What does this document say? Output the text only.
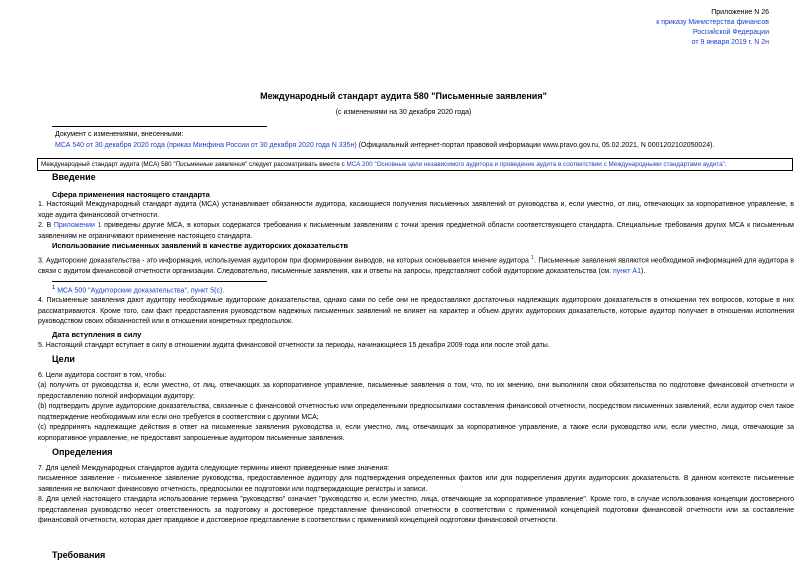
Приложение N 26
к приказу Министерства финансов
Российской Федерации
от 9 января 2019 г. N 2н
Международный стандарт аудита 580 "Письменные заявления"
(с изменениями на 30 декабря 2020 года)
Документ с изменениями, внесенными:
МСА 540 от 30 декабря 2020 года (приказ Минфина России от 30 декабря 2020 года N 335н) (Официальный интернет-портал правовой информации www.pravo.gov.ru, 05.02.2021, N 0001202102050024).
Международный стандарт аудита (МСА) 580 "Письменные заявления" следует рассматривать вместе с МСА 200 "Основные цели независимого аудитора и проведение аудита в соответствии с Международными стандартами аудита".
Введение
Сфера применения настоящего стандарта
1. Настоящий Международный стандарт аудита (МСА) устанавливает обязанности аудитора, касающиеся получения письменных заявлений от руководства и, если уместно, от лиц, отвечающих за корпоративное управление, в ходе аудита финансовой отчетности.
2. В Приложении 1 приведены другие МСА, в которых содержатся требования к письменным заявлениям с точки зрения предметной области соответствующего стандарта. Специальные требования других МСА к письменным заявлениям не ограничивают применение настоящего стандарта.
Использование письменных заявлений в качестве аудиторских доказательств
3. Аудиторские доказательства - это информация, используемая аудитором при формировании выводов, на которых основывается мнение аудитора $^1$. Письменные заявления являются необходимой информацией для аудитора в связи с аудитом финансовой отчетности организации. Следовательно, письменные заявления, как и ответы на запросы, представляют собой аудиторские доказательства (см. пункт А1).
$^1$ МСА 500 "Аудиторские доказательства", пункт 5(с).
4. Письменные заявления дают аудитору необходимые аудиторские доказательства, однако сами по себе они не предоставляют достаточных надлежащих аудиторских доказательств в отношении тех вопросов, которые в них рассматриваются. Кроме того, сам факт предоставления руководством надежных письменных заявлений не влияет на характер и объем других аудиторских доказательств, которые аудитор получает в отношении исполнения руководством своих обязанностей или в отношении конкретных предпосылок.
Дата вступления в силу
5. Настоящий стандарт вступает в силу в отношении аудита финансовой отчетности за периоды, начинающиеся 15 декабря 2009 года или после этой даты.
Цели
6. Цели аудитора состоят в том, чтобы:
(a) получить от руководства и, если уместно, от лиц, отвечающих за корпоративное управление, письменные заявления о том, что, по их мнению, они выполнили свои обязательства по подготовке финансовой отчетности и предоставлению полной информации аудитору;
(b) подтвердить другие аудиторские доказательства, связанные с финансовой отчетностью или определенными предпосылками составления финансовой отчетности, посредством письменных заявлений, если аудитор счел такое подтверждение необходимым или если оно требуется в соответствии с другими МСА;
(c) предпринять надлежащие действия в ответ на письменные заявления руководства и, если уместно, лиц, отвечающих за корпоративное управление, а также если руководство или, если уместно, лица, отвечающие за корпоративное управление, не предоставят запрошенные аудитором письменные заявления.
Определения
7. Для целей Международных стандартов аудита следующие термины имеют приведенные ниже значения:
письменное заявление - письменное заявление руководства, предоставленное аудитору для подтверждения определенных фактов или для подкрепления других аудиторских доказательств. В данном контексте письменные заявления не включают финансовую отчетность, предпосылки ее подготовки или подтверждающие регистры и записи.
8. Для целей настоящего стандарта использование термина "руководство" означает "руководство и, если уместно, лица, отвечающие за корпоративное управление". Кроме того, в случае использования концепции достоверного представления руководство несет ответственность за подготовку и достоверное представление финансовой отчетности в соответствии с применимой концепцией подготовки финансовой отчетности или за составление финансовой отчетности, которая дает правдивое и достоверное представление в соответствии с применимой концепцией подготовки финансовой отчетности.
Требования
